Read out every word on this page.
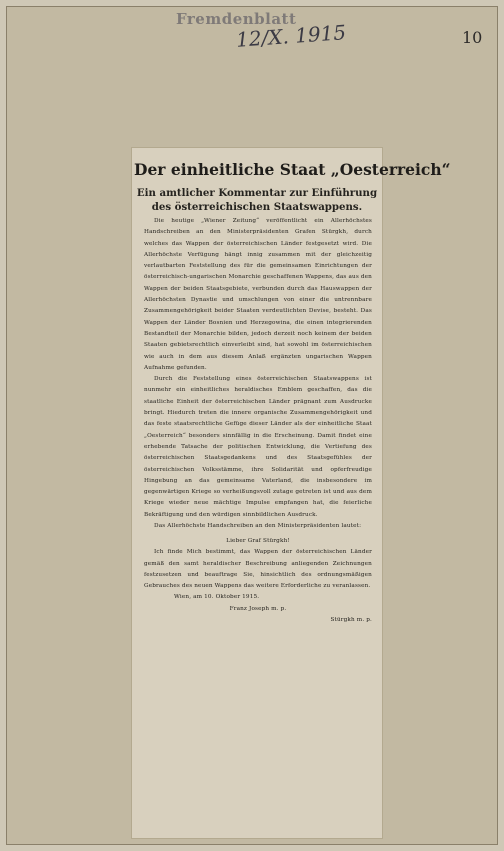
Fremdenblatt
12/X. 1915	10
Der einheitliche Staat „Oesterreich“
Ein amtlicher Kommentar zur Einführung des österreichischen Staatswappens.

Die heutige „Wiener Zeitung“ veröffentlicht ein Allerhöchstes Handschreiben an den Ministerpräsidenten Grafen Stürgkh, durch welches das Wappen der österreichischen Länder festgesetzt wird. Die Allerhöchste Verfügung hängt innig zusammen mit der gleichzeitig verlautbarten Feststellung des für die gemeinsamen Einrichtungen der österreichisch-ungarischen Monarchie geschaffenen Wappens, das aus den Wappen der beiden Staatsgebiete, verbunden durch das Hauswappen der Allerhöchsten Dynastie und umschlungen von einer die untrennbare Zusammengehörigkeit beider Staaten verdeutlichten Devise, besteht. Das Wappen der Länder Bosnien und Herzegowina, die einen integrierenden Bestandteil der Monarchie bilden, jedoch derzeit noch keinem der beiden Staaten gebietsrechtlich einverleibt sind, hat sowohl im österreichischen wie auch in dem aus diesem Anlaß ergänzten ungarischen Wappen Aufnahme gefunden.

Durch die Feststellung eines österreichischen Staatswappens ist nunmehr ein einheitliches heraldisches Emblem geschaffen, das die staatliche Einheit der österreichischen Länder prägnant zum Ausdrucke bringt. Hiedurch treten die innere organische Zusammengehörigkeit und das feste staatsrechtliche Gefüge dieser Länder als der einheitliche Staat „Oesterreich“ besonders sinnfällig in die Erscheinung. Damit findet eine erhebende Tatsache der politischen Entwicklung, die Vertiefung des österreichischen Staatsgedankens und des Staatsgefühles der österreichischen Volksstämme, ihre Solidarität und opferfreudige Hingebung an das gemeinsame Vaterland, die insbesondere im gegenwärtigen Kriege so verheißungsvoll zutage getreten ist und aus dem Kriege wieder neue mächtige Impulse empfangen hat, die feierliche Bekräftigung und den würdigen sinnbildlichen Ausdruck.

Das Allerhöchste Handschreiben an den Ministerpräsidenten lautet:

Lieber Graf Stürgkh!

Ich finde Mich bestimmt, das Wappen der österreichischen Länder gemäß den samt heraldischer Beschreibung anliegenden Zeichnungen festzusetzen und beauftrage Sie, hinsichtlich des ordnungsmäßigen Gebrauches des neuen Wappens das weitere Erforderliche zu veranlassen.

Wien, am 10. Oktober 1915.

Franz Joseph m. p.

Stürgkh m. p.
